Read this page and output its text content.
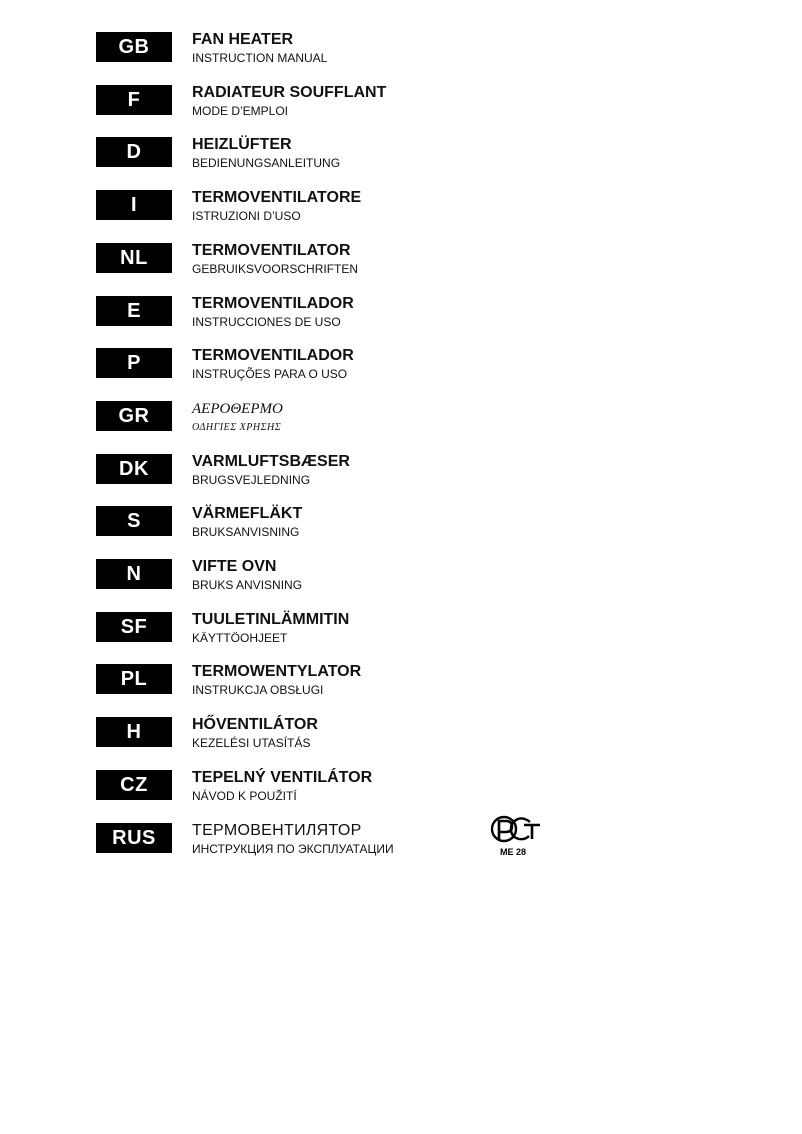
GB	FAN HEATER
INSTRUCTION MANUAL
F	RADIATEUR SOUFFLANT
MODE D’EMPLOI
D	HEIZLÜFTER
BEDIENUNGSANLEITUNG
I	TERMOVENTILATORE
ISTRUZIONI D’USO
NL	TERMOVENTILATOR
GEBRUIKSVOORSCHRIFTEN
E	TERMOVENTILADOR
INSTRUCCIONES DE USO
P	TERMOVENTILADOR
INSTRUÇÕES PARA O USO
GR	ΑΕΡΟΘΕΡΜΟ
ΟΔΗΓΙΕΣ ΧΡΗΣΗΣ
DK	VARMLUFTSBÆSER
BRUGSVEJLEDNING
S	VÄRMEFLÄKT
BRUKSANVISNING
N	VIFTE OVN
BRUKS ANVISNING
SF	TUULETINLÄMMITIN
KÄYTTÖOHJEET
PL	TERMOWENTYLATOR
INSTRUKCJA OBSŁUGI
H	HŐVENTILÁTOR
KEZELÉSI UTASÍTÁS
CZ	TEPELNÝ VENTILÁTOR
NÁVOD K POUŽITÍ
RUS	ТЕРМОВЕНТИЛЯТОР
ИНСТРУКЦИЯ ПО ЭКСПЛУАТАЦИИ	ME 28
